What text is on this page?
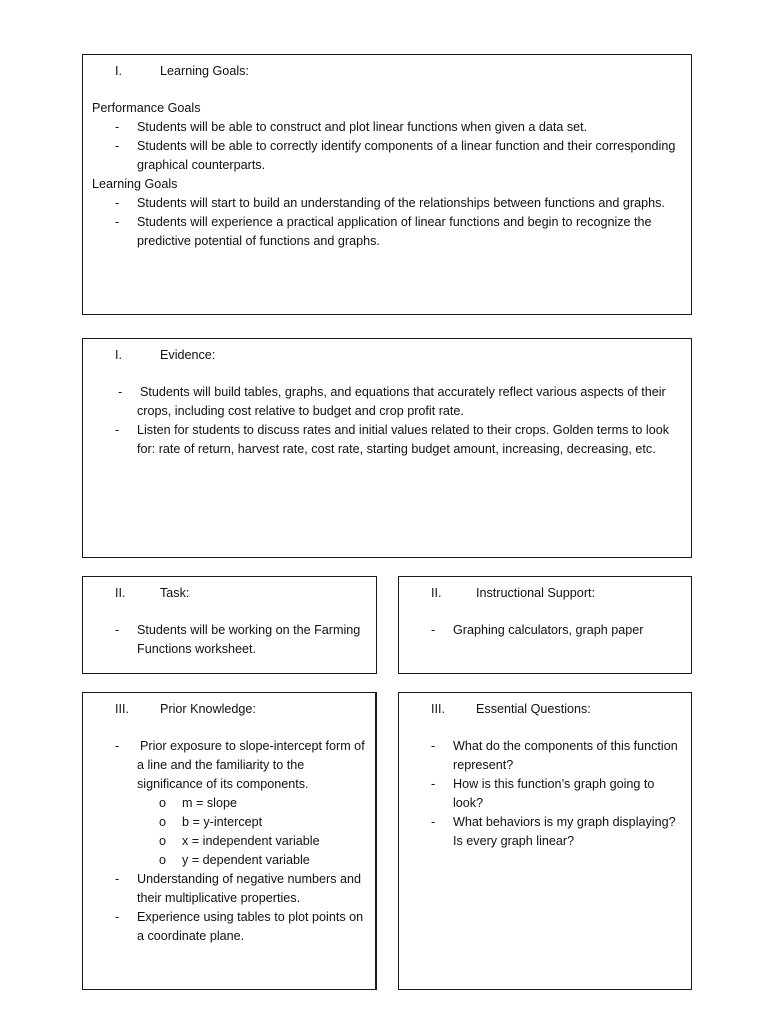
I.	Learning Goals:
Performance Goals
- Students will be able to construct and plot linear functions when given a data set.
- Students will be able to correctly identify components of a linear function and their corresponding graphical counterparts.
Learning Goals
- Students will start to build an understanding of the relationships between functions and graphs.
- Students will experience a practical application of linear functions and begin to recognize the predictive potential of functions and graphs.
I.	Evidence:
- Students will build tables, graphs, and equations that accurately reflect various aspects of their crops, including cost relative to budget and crop profit rate.
- Listen for students to discuss rates and initial values related to their crops. Golden terms to look for: rate of return, harvest rate, cost rate, starting budget amount, increasing, decreasing, etc.
II.	Task:
- Students will be working on the Farming Functions worksheet.
II.	Instructional Support:
- Graphing calculators, graph paper
III. Prior Knowledge:
- Prior exposure to slope-intercept form of a line and the familiarity to the significance of its components.
o m = slope
o b = y-intercept
o x = independent variable
o y = dependent variable
- Understanding of negative numbers and their multiplicative properties.
- Experience using tables to plot points on a coordinate plane.
III. Essential Questions:
- What do the components of this function represent?
- How is this function’s graph going to look?
- What behaviors is my graph displaying? Is every graph linear?
